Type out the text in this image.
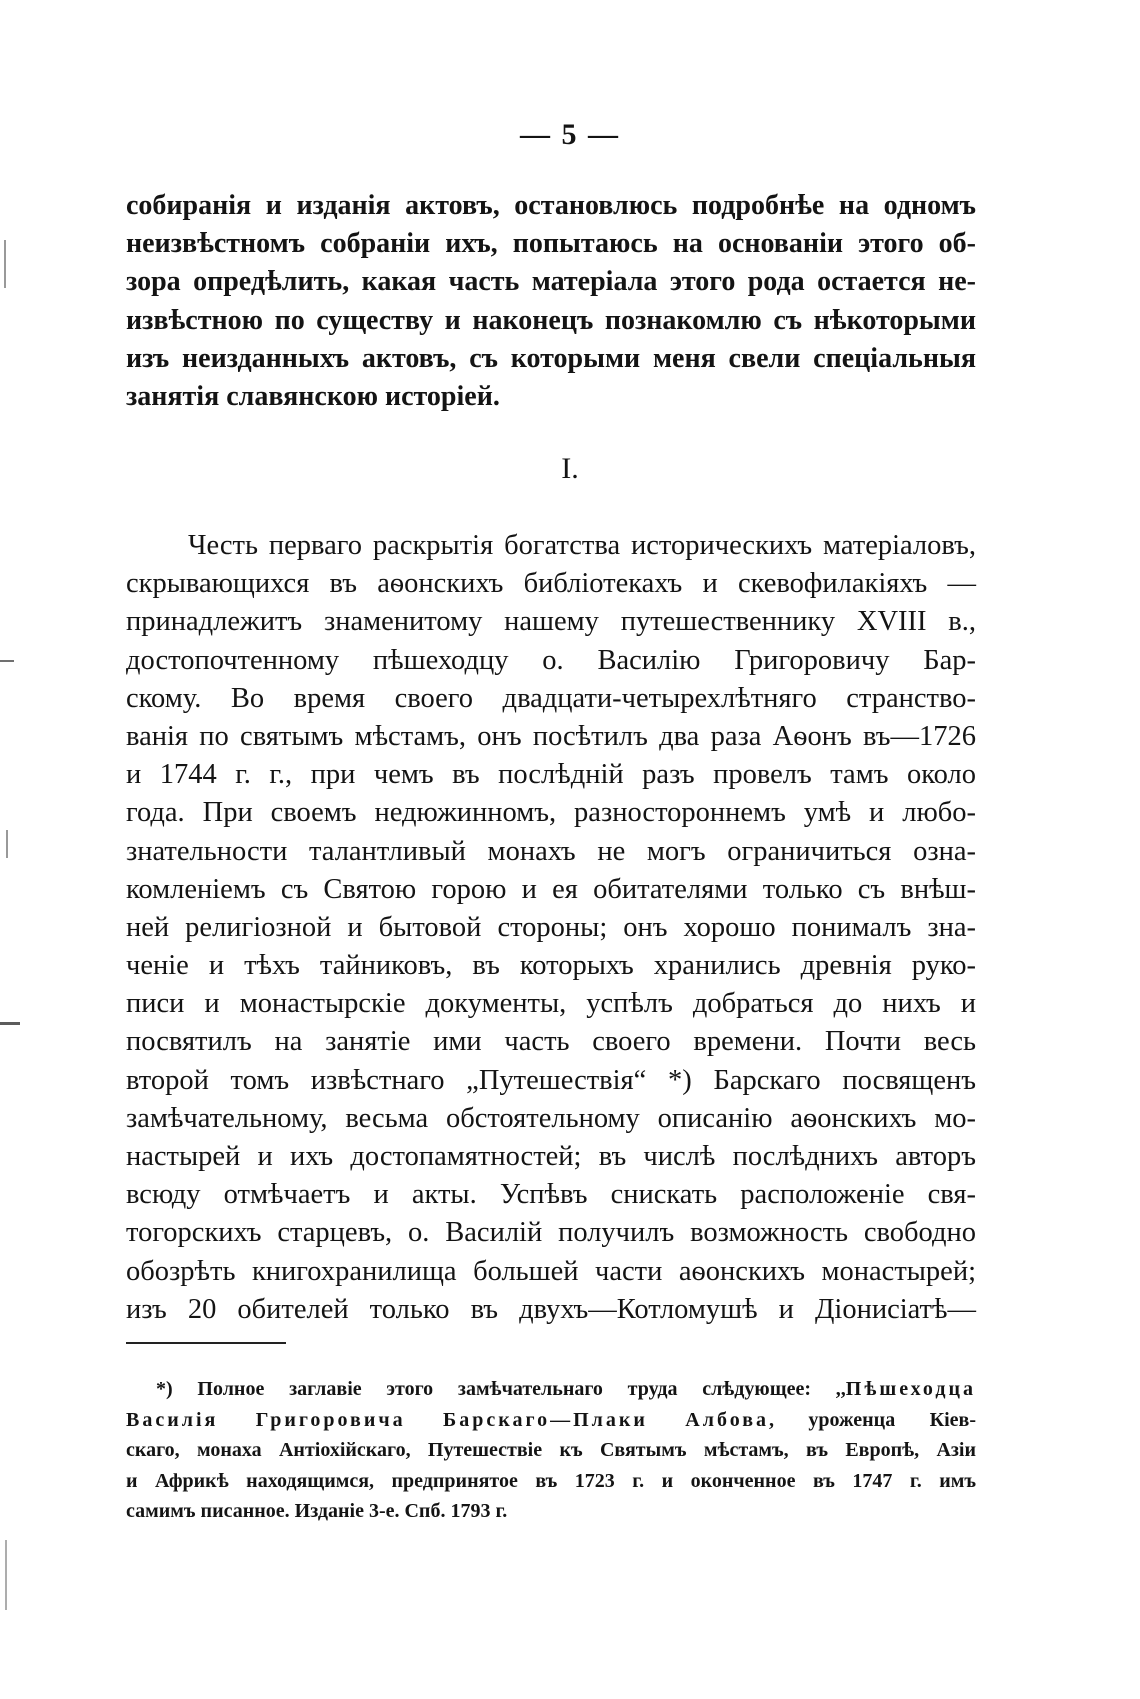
— 5 —
собиранія и изданія актовъ, остановлюсь подробнѣе на одномъ
неизвѣстномъ собраніи ихъ, попытаюсь на основаніи этого об-
зора опредѣлить, какая часть матеріала этого рода остается не-
извѣстною по существу и наконецъ познакомлю съ нѣкоторыми
изъ неизданныхъ актовъ, съ которыми меня свели спеціальныя
занятія славянскою исторіей.
I.
Честь перваго раскрытія богатства историческихъ матеріаловъ,
скрывающихся въ аѳонскихъ библіотекахъ и скевофилакіяхъ —
принадлежитъ знаменитому нашему путешественнику XVIII в.,
достопочтенному пѣшеходцу о. Василію Григоровичу Бар-
скому. Во время своего двадцати-четырехлѣтняго странство-
ванія по святымъ мѣстамъ, онъ посѣтилъ два раза Аѳонъ въ—1726
и 1744 г. г., при чемъ въ послѣдній разъ провелъ тамъ около
года. При своемъ недюжинномъ, разностороннемъ умѣ и любо-
знательности талантливый монахъ не могъ ограничиться озна-
комленіемъ съ Святою горою и ея обитателями только съ внѣш-
ней религіозной и бытовой стороны; онъ хорошо понималъ зна-
ченіе и тѣхъ тайниковъ, въ которыхъ хранились древнія руко-
писи и монастырскіе документы, успѣлъ добраться до нихъ и
посвятилъ на занятіе ими часть своего времени. Почти весь
второй томъ извѣстнаго „Путешествія“ *) Барскаго посвященъ
замѣчательному, весьма обстоятельному описанію аѳонскихъ мо-
настырей и ихъ достопамятностей; въ числѣ послѣднихъ авторъ
всюду отмѣчаетъ и акты. Успѣвъ снискать расположеніе свя-
тогорскихъ старцевъ, о. Василій получилъ возможность свободно
обозрѣть книгохранилища большей части аѳонскихъ монастырей;
изъ 20 обителей только въ двухъ—Котломушѣ и Діонисіатѣ—
*) Полное заглавіе этого замѣчательнаго труда слѣдующее: ,,Пѣшеходца
Василія Григоровича Барскаго—Плаки Албова, уроженца Кіев-
скаго, монаха Антіохійскаго, Путешествіе къ Святымъ мѣстамъ, въ Европѣ, Азіи
и Африкѣ находящимся, предпринятое въ 1723 г. и оконченное въ 1747 г. имъ
самимъ писанное. Изданіе 3-е. Спб. 1793 г.
